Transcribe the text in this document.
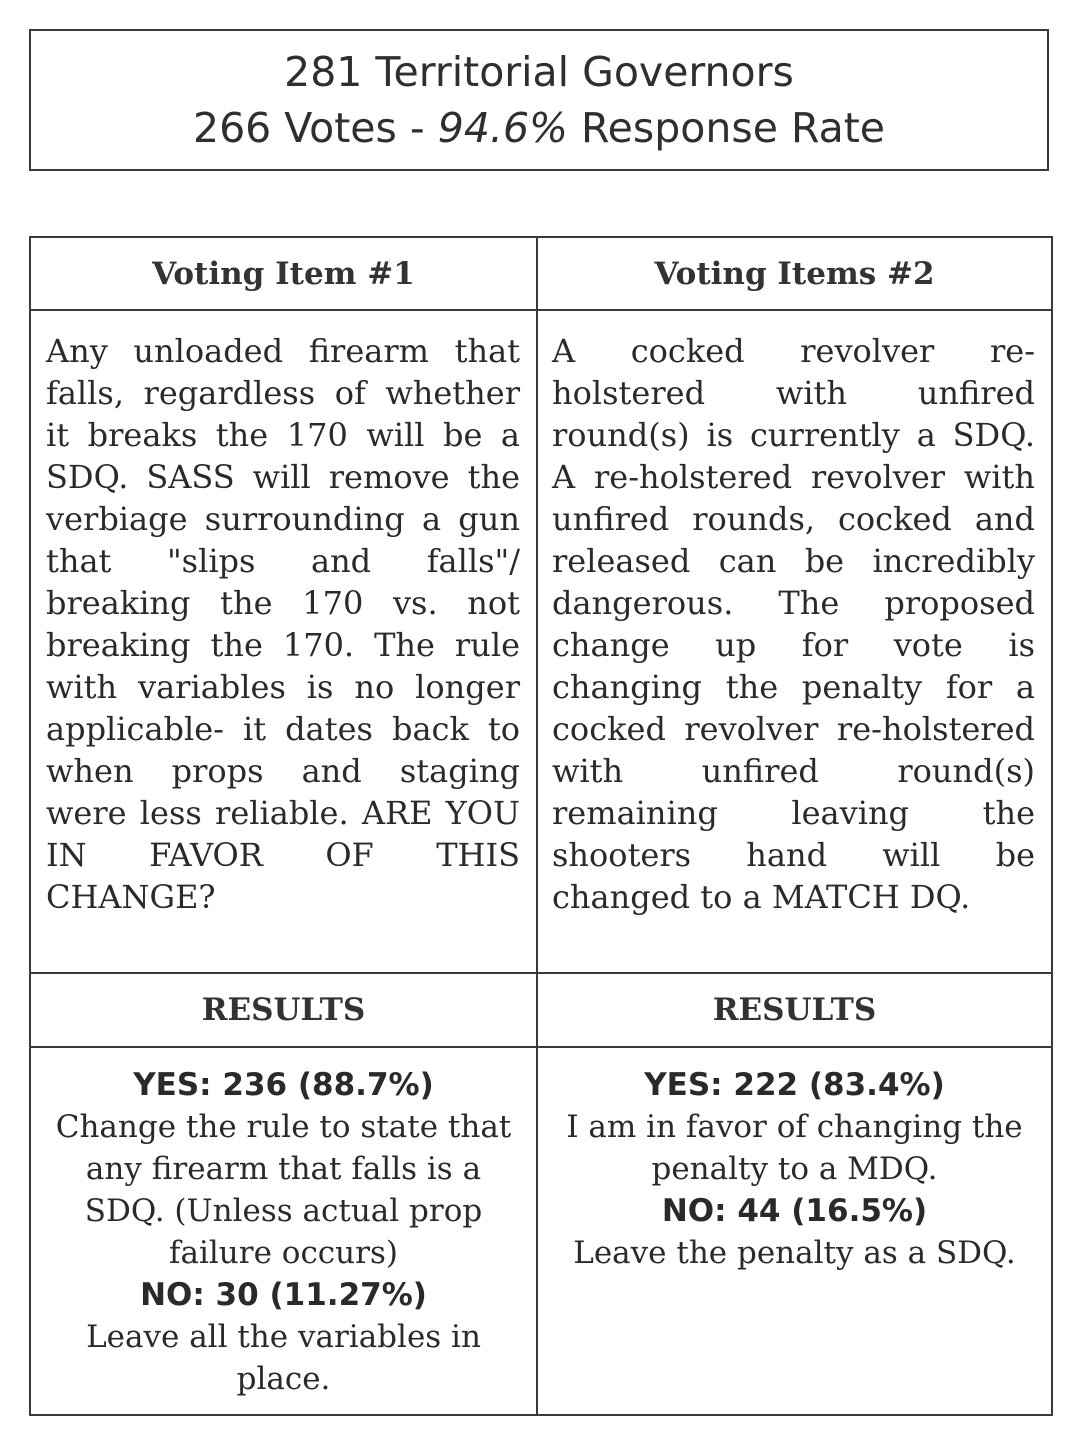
281 Territorial Governors
266 Votes - 94.6% Response Rate
Voting Item #1	Voting Items #2
Any unloaded firearm that falls, regardless of whether it breaks the 170 will be a SDQ. SASS will remove the verbiage surrounding a gun that "slips and falls"/ breaking the 170 vs. not breaking the 170. The rule with variables is no longer applicable- it dates back to when props and staging were less reliable. ARE YOU IN FAVOR OF THIS CHANGE?
A cocked revolver re-holstered with unfired round(s) is currently a SDQ. A re-holstered revolver with unfired rounds, cocked and released can be incredibly dangerous. The proposed change up for vote is changing the penalty for a cocked revolver re-holstered with unfired round(s) remaining leaving the shooters hand will be changed to a MATCH DQ.
RESULTS	RESULTS
YES: 236 (88.7%)
Change the rule to state that any firearm that falls is a SDQ. (Unless actual prop failure occurs)
NO: 30 (11.27%)
Leave all the variables in place.
YES: 222 (83.4%)
I am in favor of changing the penalty to a MDQ.
NO: 44 (16.5%)
Leave the penalty as a SDQ.
